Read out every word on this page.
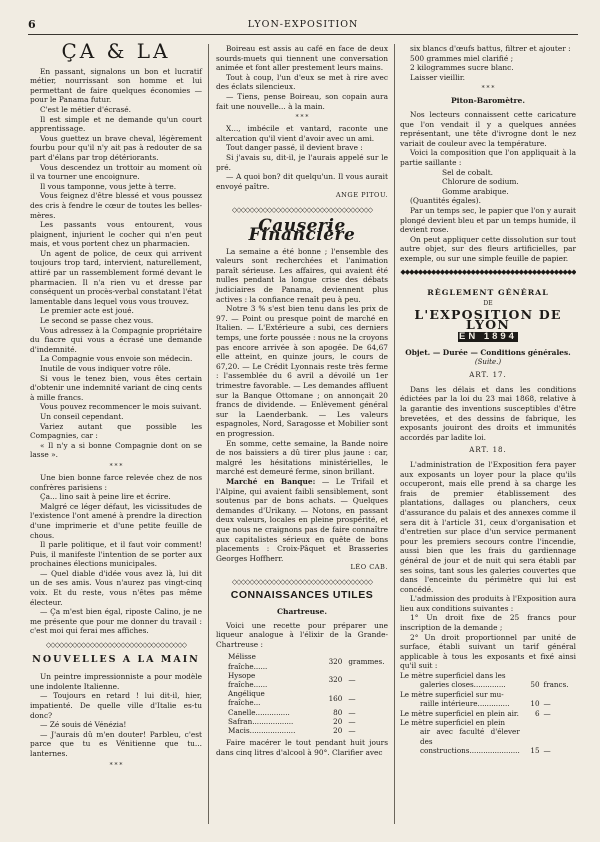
6	LYON-EXPOSITION
ÇA & LA

En passant, signalons un bon et lucratif métier, nourrissant son homme et lui permettant de faire quelques économies — pour le Panama futur.

C'est le métier d'écrasé.

Il est simple et ne demande qu'un court apprentissage.

Vous guettez un brave cheval, légèrement fourbu pour qu'il n'y ait pas à redouter de sa part d'élans par trop détériorants.

Vous descendez un trottoir au moment où il va tourner une encoignure.

Il vous tamponne, vous jette à terre.

Vous feignez d'être blessé et vous poussez des cris à fendre le cœur de toutes les belles-mères.

Les passants vous entourent, vous plaignent, injurient le cocher qui n'en peut mais, et vous portent chez un pharmacien.

Un agent de police, de ceux qui arrivent toujours trop tard, intervient, naturellement, attiré par un rassemblement formé devant le pharmacien. Il n'a rien vu et dresse par conséquent un procès-verbal constatant l'état lamentable dans lequel vous vous trouvez.

Le premier acte est joué.

Le second se passe chez vous.

Vous adressez à la Compagnie propriétaire du fiacre qui vous a écrasé une demande d'indemnité.

La Compagnie vous envoie son médecin.

Inutile de vous indiquer votre rôle.

Si vous le tenez bien, vous êtes certain d'obtenir une indemnité variant de cinq cents à mille francs.

Vous pouvez recommencer le mois suivant.

Un conseil cependant.

Variez autant que possible les Compagnies, car :

« Il n'y a si bonne Compagnie dont on se lasse ».

* * *

Une bien bonne farce relevée chez de nos confrères parisiens :

Ça... lino sait à peine lire et écrire.

Malgré ce léger défaut, les vicissitudes de l'existence l'ont amené à prendre la direction d'une imprimerie et d'une petite feuille de chous.

Il parle politique, et il faut voir comment! Puis, il manifeste l'intention de se porter aux prochaines élections municipales.

— Quel diable d'idée vous avez là, lui dit un de ses amis. Vous n'aurez pas vingt-cinq voix. Et du reste, vous n'êtes pas même électeur.

— Ça m'est bien égal, riposte Calino, je ne me présente que pour me donner du travail : c'est moi qui ferai mes affiches.

◇◇◇◇◇◇◇◇◇◇◇◇◇◇◇◇◇◇◇◇◇◇◇◇◇◇◇◇◇◇◇◇
NOUVELLES A LA MAIN

Un peintre impressionniste a pour modèle une indolente Italienne.

— Toujours en retard ! lui dit-il, hier, impatienté. De quelle ville d'Italie es-tu donc?

— Zé souis dé Vénézia!

— J'aurais dû m'en douter! Parbleu, c'est parce que tu es Vénitienne que tu... lanternes.

* * *

Boireau est assis au café en face de deux sourds-muets qui tiennent une conversation animée et font aller prestement leurs mains.

Tout à coup, l'un d'eux se met à rire avec des éclats silencieux.

— Tiens, pense Boireau, son copain aura fait une nouvelle... à la main.

* * *

X..., imbécile et vantard, raconte une altercation qu'il vient d'avoir avec un ami.

Tout danger passé, il devient brave :

Si j'avais su, dit-il, je l'aurais appelé sur le pré.

— A quoi bon? dit quelqu'un. Il vous aurait envoyé paître.

ANGE PITOU.
◇◇◇◇◇◇◇◇◇◇◇◇◇◇◇◇◇◇◇◇◇◇◇◇◇◇◇◇◇◇◇◇
Causerie Financière

La semaine a été bonne ; l'ensemble des valeurs sont recherchées et l'animation paraît sérieuse. Les affaires, qui avaient été nulles pendant la longue crise des débats judiciaires de Panama, deviennent plus actives : la confiance renaît peu à peu.

Notre 3 % s'est bien tenu dans les prix de 97. — Point ou presque point de marché en Italien. — L'Extérieure a subi, ces derniers temps, une forte poussée : nous ne la croyons pas encore arrivée à son apogée. De 64,67 elle atteint, en quinze jours, le cours de 67,20. — Le Crédit Lyonnais reste très ferme : l'assemblée du 6 avril a dévoilé un 1er trimestre favorable. — Les demandes affluent sur la Banque Ottomane ; on annonçait 20 francs de dividende. — Enlèvement général sur la Laenderbank. — Les valeurs espagnoles, Nord, Saragosse et Mobilier sont en progression.

En somme, cette semaine, la Bande noire de nos baissiers a dû tirer plus jaune : car, malgré les hésitations ministérielles, le marché est demeuré ferme, sinon brillant.

Marché en Banque: — Le Trifail et l'Alpine, qui avaient faibli sensiblement, sont soutenus par de bons achats. — Quelques demandes d'Urikany. — Notons, en passant deux valeurs, locales en pleine prospérité, et que nous ne craignons pas de faire connaître aux capitalistes sérieux en quête de bons placements : Croix-Pâquet et Brasseries Georges Hoffherr.

LÉO CAB.
◇◇◇◇◇◇◇◇◇◇◇◇◇◇◇◇◇◇◇◇◇◇◇◇◇◇◇◇◇◇◇◇
CONNAISSANCES UTILES
Chartreuse.

Voici une recette pour préparer une liqueur analogue à l'élixir de la Grande-Chartreuse :

Mélisse fraîche......	320	grammes.
Hysope fraîche......	320	—
Angélique fraîche...	160	—
Canelle...............	80	—
Safran..................	20	—
Macis....................	20	—

Faire macérer le tout pendant huit jours dans cinq litres d'alcool à 90°. Clarifier avec

six blancs d'œufs battus, filtrer et ajouter :

500 grammes miel clarifié ;
2 kilogrammes sucre blanc.
Laisser vieillir.
* * *
Piton-Baromètre.

Nos lecteurs connaissent cette caricature que l'on vendait il y a quelques années représentant, une tête d'ivrogne dont le nez variait de couleur avec la température.

Voici la composition que l'on appliquait à la partie saillante :

Sel de cobalt.
Chlorure de sodium.
Gomme arabique.

(Quantités égales).

Par un temps sec, le papier que l'on y aurait plongé devient bleu et par un temps humide, il devient rose.

On peut appliquer cette dissolution sur tout autre objet, sur des fleurs artificielles, par exemple, ou sur une simple feuille de papier.

◆◆◆◆◆◆◆◆◆◆◆◆◆◆◆◆◆◆◆◆◆◆◆◆◆◆◆◆◆◆◆◆◆◆◆◆◆◆◆◆
RÈGLEMENT GÉNÉRAL
DE
L'EXPOSITION DE LYON
EN 1894
Objet. — Durée — Conditions générales.
(Suite.)
ART. 17.

Dans les délais et dans les conditions édictées par la loi du 23 mai 1868, relative à la garantie des inventions susceptibles d'être brevetées, et des dessins de fabrique, les exposants jouiront des droits et immunités accordés par ladite loi.

ART. 18.

L'administration de l'Exposition fera payer aux exposants un loyer pour la place qu'ils occuperont, mais elle prend à sa charge les frais de premier établissement des plantations, dallages ou planchers, ceux d'assurance du palais et des annexes comme il sera dit à l'article 31, ceux d'organisation et d'entretien sur place d'un service permanent pour les premiers secours contre l'incendie, aussi bien que les frais du gardiennage général de jour et de nuit qui sera établi par ses soins, tant sous les galeries couvertes que dans l'enceinte du périmètre qui lui est concédé.

L'admission des produits à l'Exposition aura lieu aux conditions suivantes :

1° Un droit fixe de 25 francs pour inscription de la demande ;

2° Un droit proportionnel par unité de surface, établi suivant un tarif général applicable à tous les exposants et fixé ainsi qu'il suit :

Le mètre superficiel dans les		
galeries closes..............	50	francs.
Le mètre superficiel sur mu-		
raille intérieure..............	10	—
Le mètre superficiel en plein air.	6	—
Le mètre superficiel en plein		
air avec faculté d'élever des		
constructions......................	15	—
